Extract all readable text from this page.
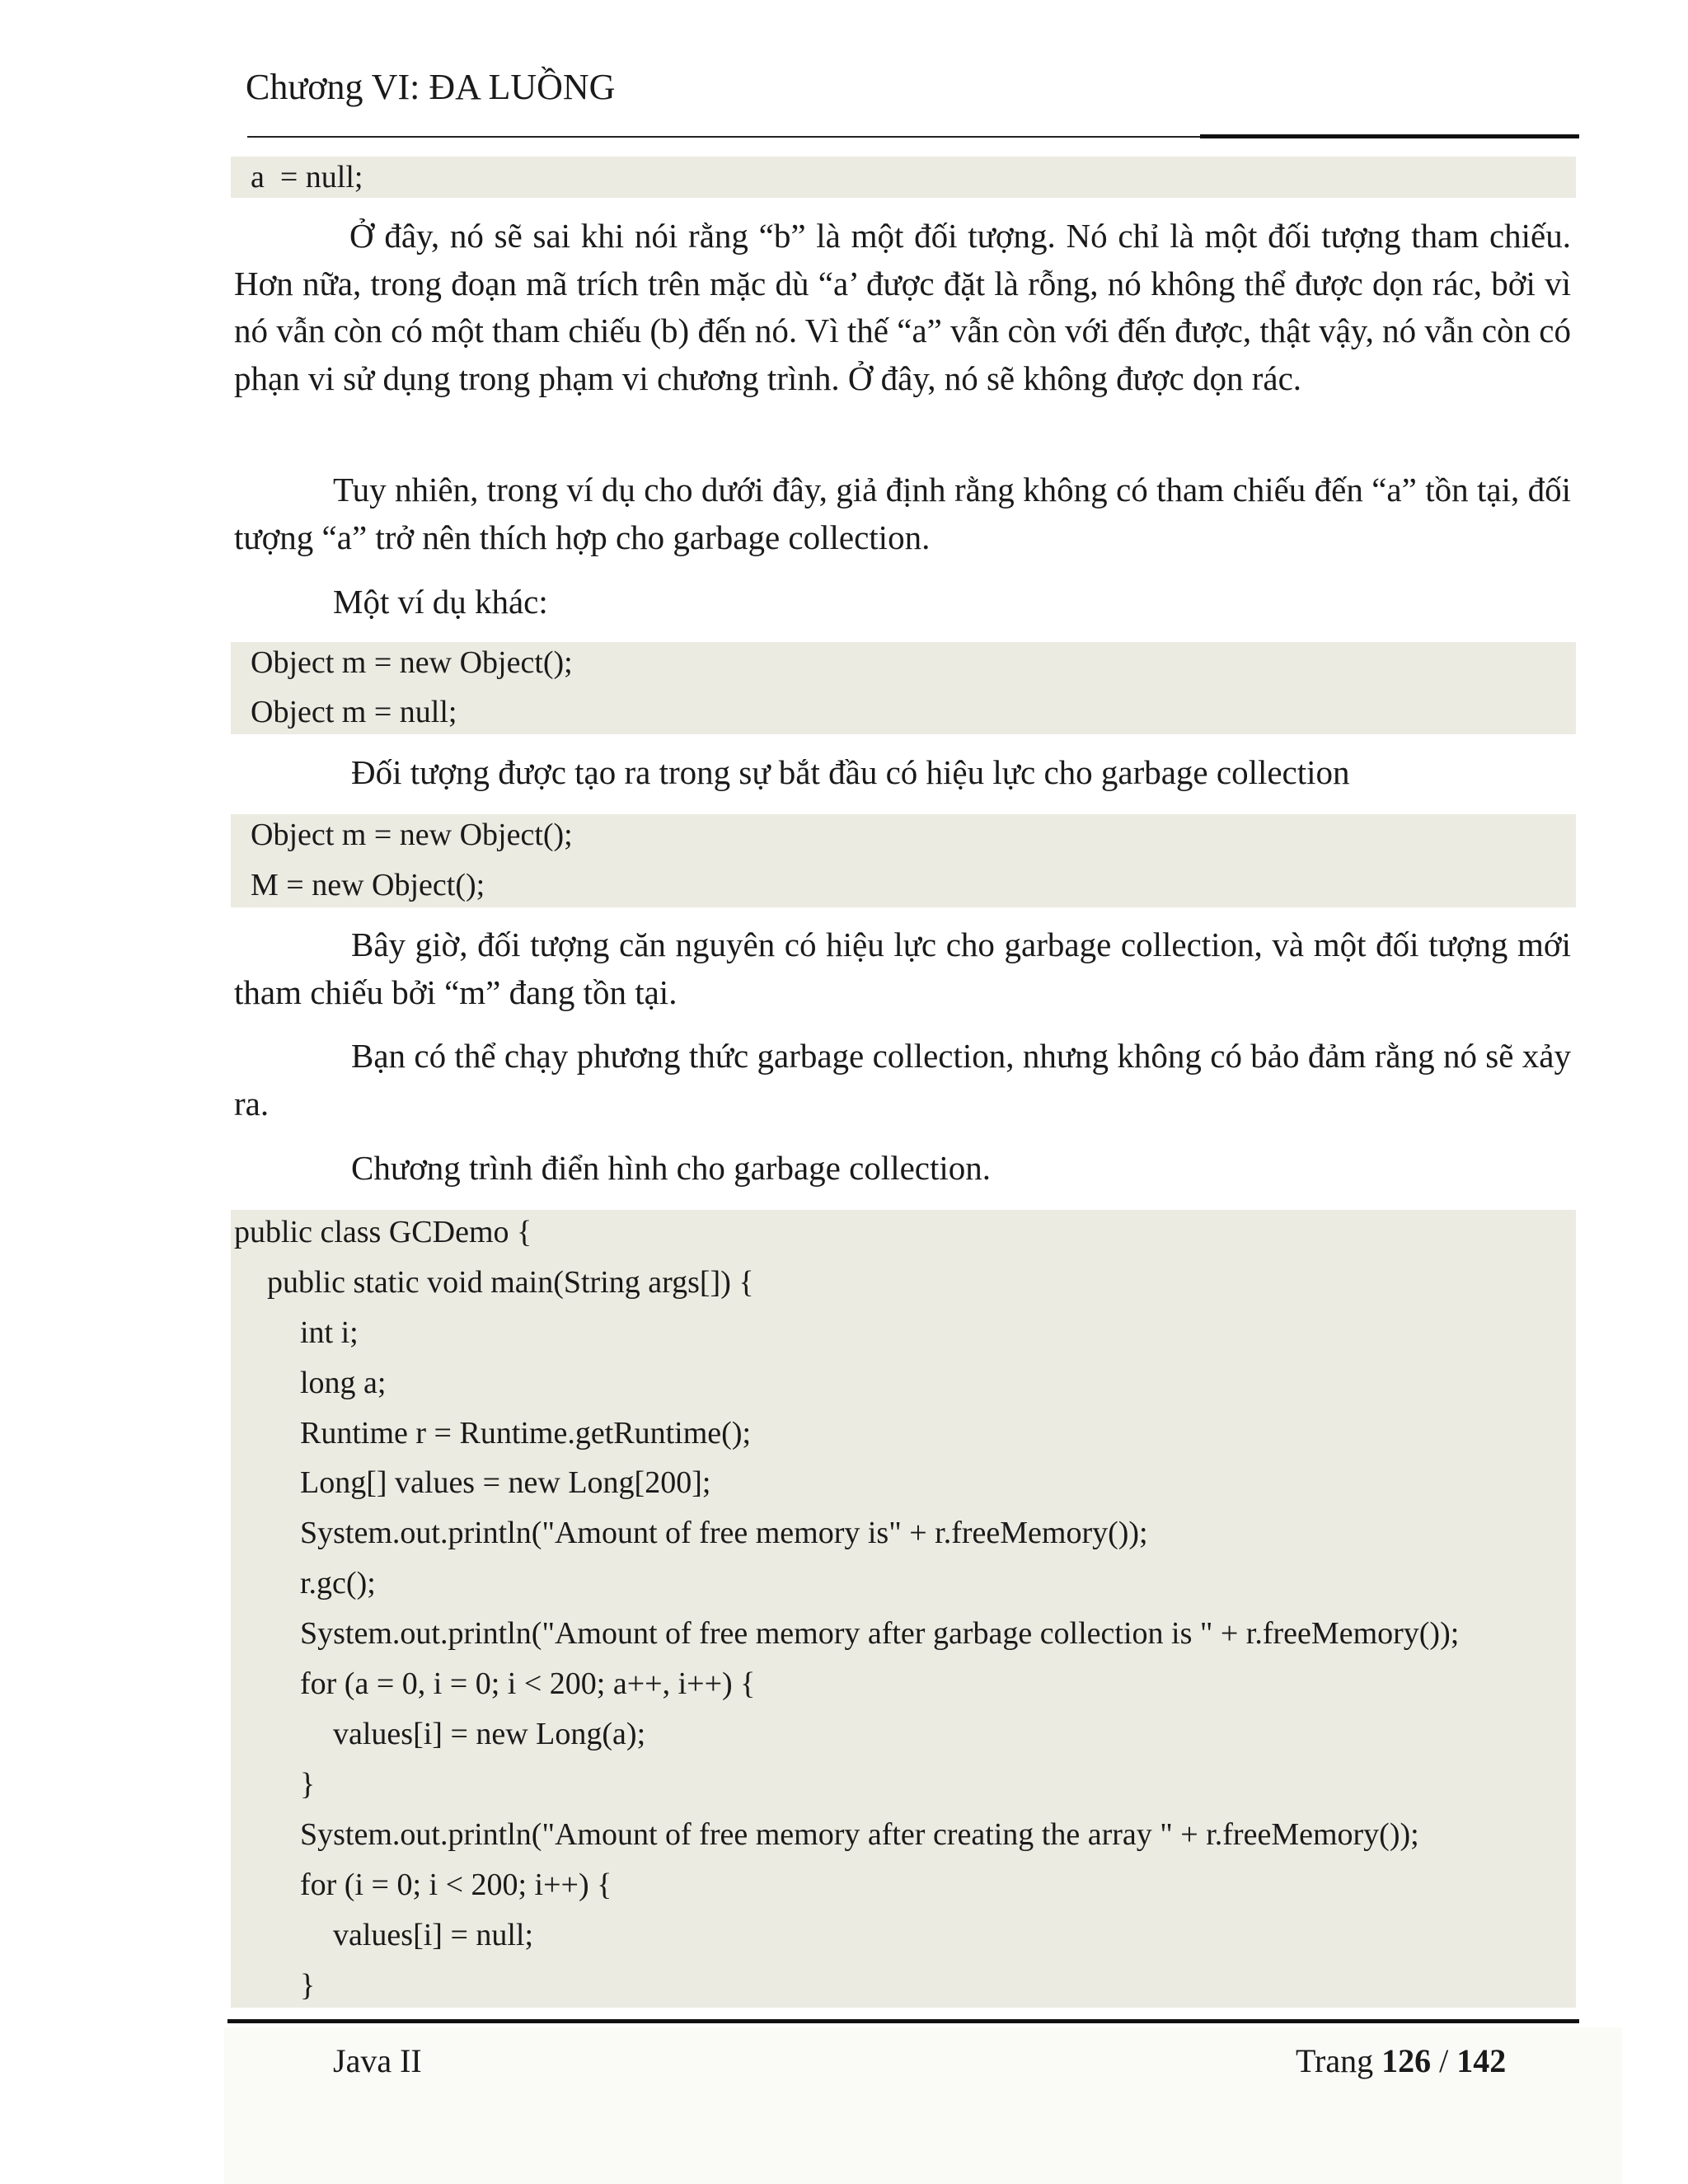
Chương VI: ĐA LUỒNG
a  = null;

Ở đây, nó sẽ sai khi nói rằng “b” là một đối tượng. Nó chỉ là một đối tượng tham chiếu. Hơn nữa, trong đoạn mã trích trên mặc dù “a’ được đặt là rỗng, nó không thể được dọn rác, bởi vì nó vẫn còn có một tham chiếu (b) đến nó. Vì thế “a” vẫn còn với đến được, thật vậy, nó vẫn còn có phạn vi sử dụng trong phạm vi chương trình. Ở đây, nó sẽ không được dọn rác.

Tuy nhiên, trong ví dụ cho dưới đây, giả định rằng không có tham chiếu đến “a” tồn tại, đối tượng “a” trở nên thích hợp cho garbage collection.

Một ví dụ khác:

Object m = new Object();
Object m = null;

Đối tượng được tạo ra trong sự bắt đầu có hiệu lực cho garbage collection

Object m = new Object();
M = new Object();

Bây giờ, đối tượng căn nguyên có hiệu lực cho garbage collection, và một đối tượng mới tham chiếu bởi “m” đang tồn tại.

Bạn có thể chạy phương thức garbage collection, nhưng không có bảo đảm rằng nó sẽ xảy ra.

Chương trình điển hình cho garbage collection.

public class GCDemo {
public static void main(String args[]) {
int i;
long a;
Runtime r = Runtime.getRuntime();
Long[] values = new Long[200];
System.out.println("Amount of free memory is" + r.freeMemory());
r.gc();
System.out.println("Amount of free memory after garbage collection is " + r.freeMemory());
for (a = 0, i = 0; i < 200; a++, i++) {
values[i] = new Long(a);
}
System.out.println("Amount of free memory after creating the array " + r.freeMemory());
for (i = 0; i < 200; i++) {
values[i] = null;
}
Java II	Trang 126 / 142
